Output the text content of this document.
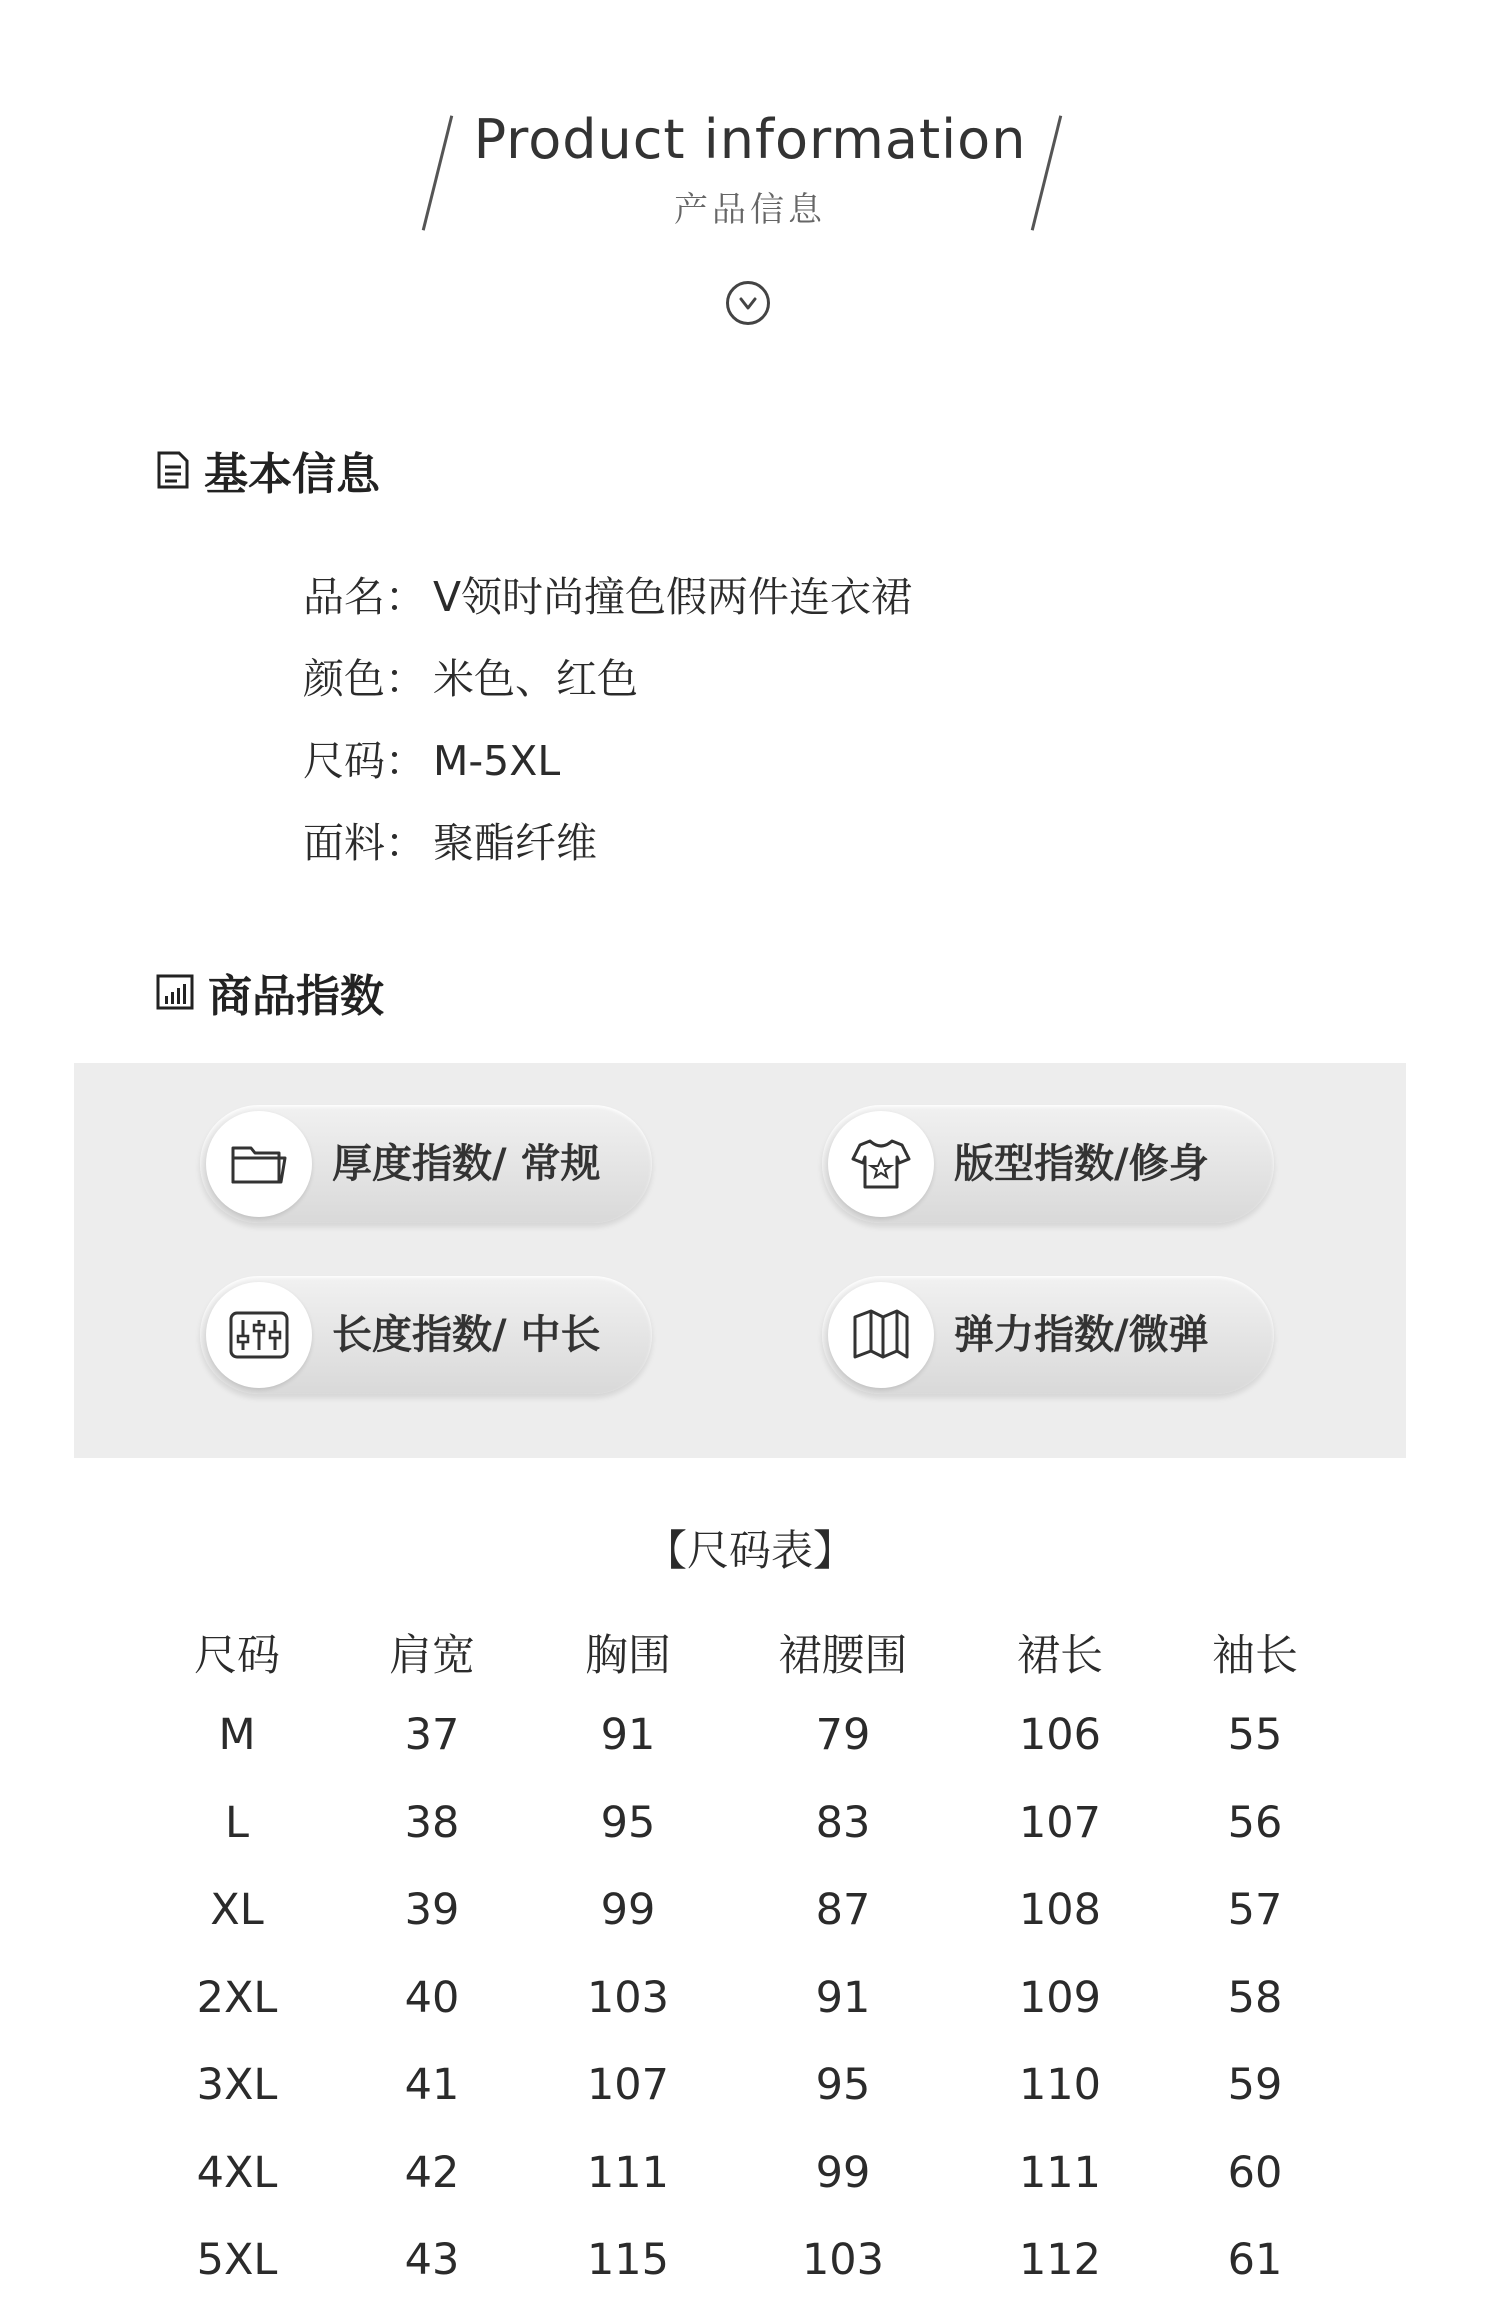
Product information
产品信息
基本信息
品名： V领时尚撞色假两件连衣裙
颜色： 米色、红色
尺码： M-5XL
面料： 聚酯纤维
商品指数
厚度指数/ 常规	版型指数/修身
长度指数/ 中长	弹力指数/微弹
【尺码表】
尺码	肩宽	胸围	裙腰围	裙长	袖长
M	37	91	79	106	55
L	38	95	83	107	56
XL	39	99	87	108	57
2XL	40	103	91	109	58
3XL	41	107	95	110	59
4XL	42	111	99	111	60
5XL	43	115	103	112	61
